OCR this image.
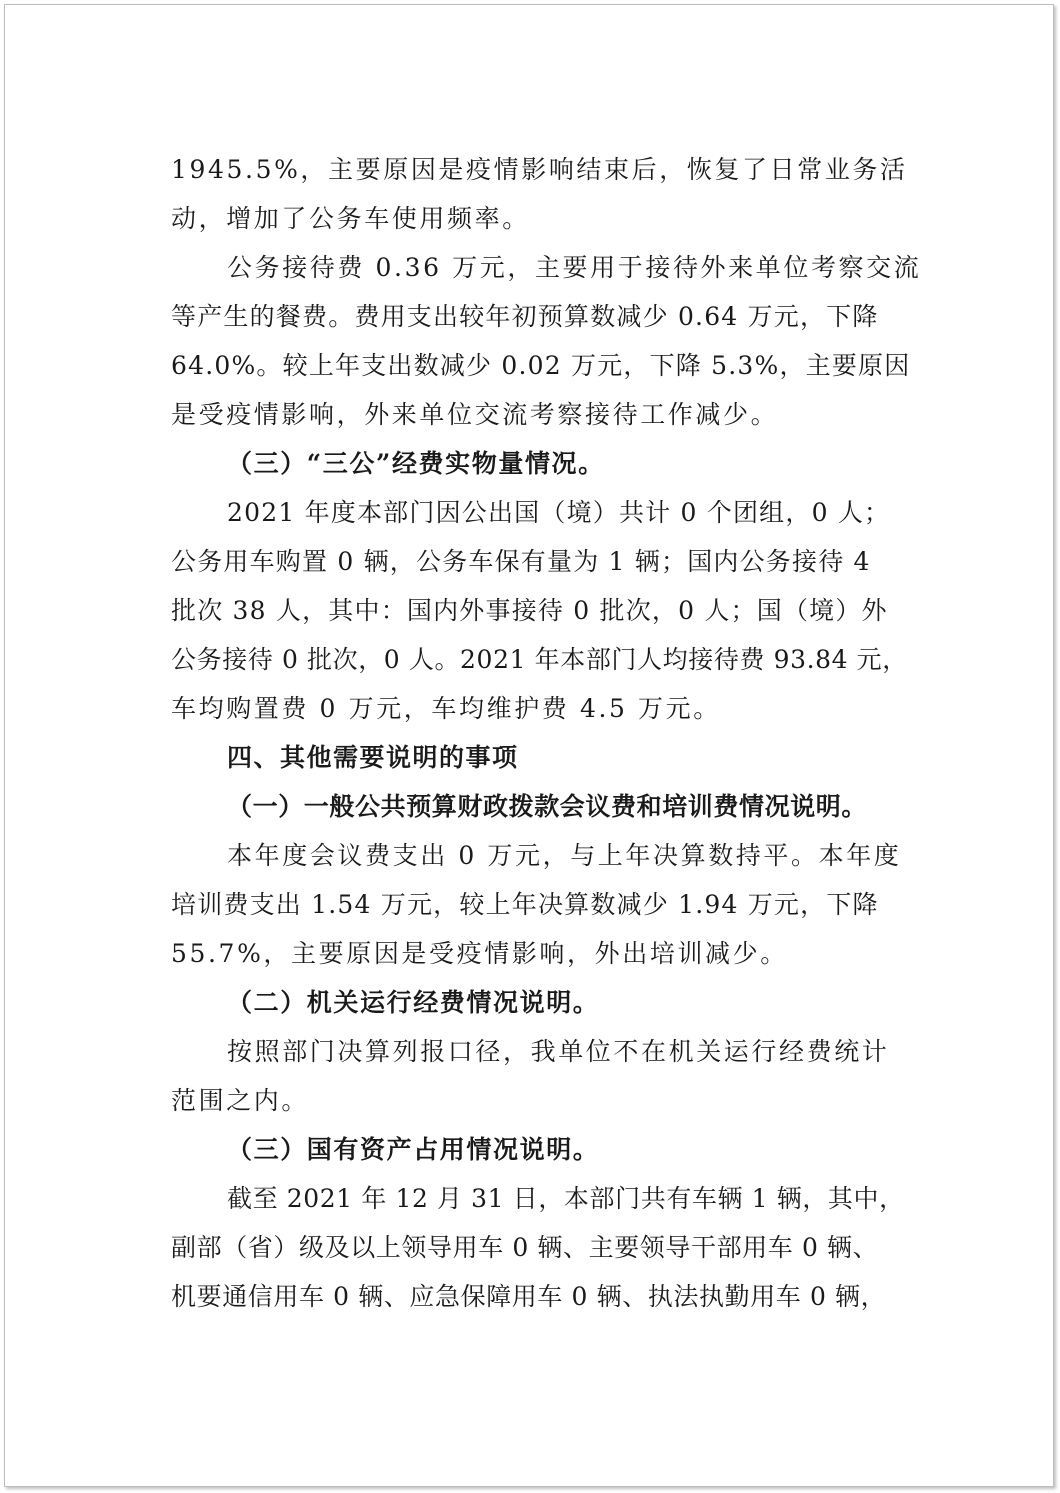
1945.5%，主要原因是疫情影响结束后，恢复了日常业务活
动，增加了公务车使用频率。
公务接待费 0.36 万元，主要用于接待外来单位考察交流
等产生的餐费。费用支出较年初预算数减少 0.64 万元，下降
64.0%。较上年支出数减少 0.02 万元，下降 5.3%，主要原因
是受疫情影响，外来单位交流考察接待工作减少。
（三）“三公”经费实物量情况。
2021 年度本部门因公出国（境）共计 0 个团组，0 人；
公务用车购置 0 辆，公务车保有量为 1 辆；国内公务接待 4
批次 38 人，其中：国内外事接待 0 批次，0 人；国（境）外
公务接待 0 批次，0 人。2021 年本部门人均接待费 93.84 元，
车均购置费 0 万元，车均维护费 4.5 万元。
四、其他需要说明的事项
（一）一般公共预算财政拨款会议费和培训费情况说明。
本年度会议费支出 0 万元，与上年决算数持平。本年度
培训费支出 1.54 万元，较上年决算数减少 1.94 万元，下降
55.7%，主要原因是受疫情影响，外出培训减少。
（二）机关运行经费情况说明。
按照部门决算列报口径，我单位不在机关运行经费统计
范围之内。
（三）国有资产占用情况说明。
截至 2021 年 12 月 31 日，本部门共有车辆 1 辆，其中，
副部（省）级及以上领导用车 0 辆、主要领导干部用车 0 辆、
机要通信用车 0 辆、应急保障用车 0 辆、执法执勤用车 0 辆，
